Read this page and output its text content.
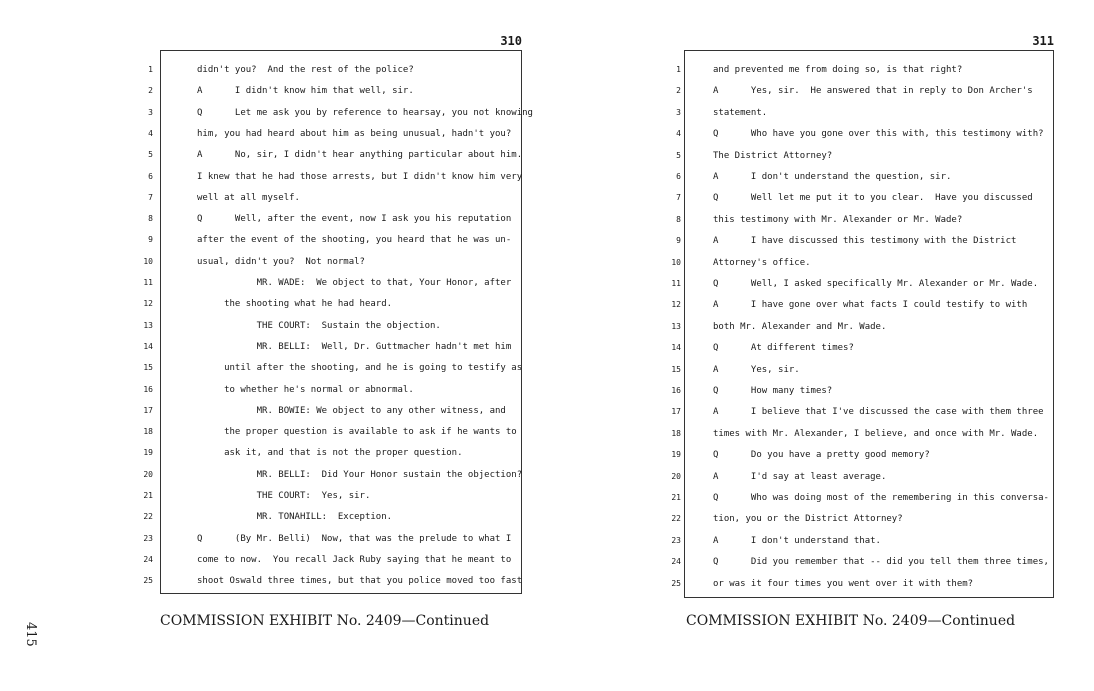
415
310
1	didn't you?  And the rest of the police?
2	A      I didn't know him that well, sir.
3	Q      Let me ask you by reference to hearsay, you not knowing
4	him, you had heard about him as being unusual, hadn't you?
5	A      No, sir, I didn't hear anything particular about him.
6	I knew that he had those arrests, but I didn't know him very
7	well at all myself.
8	Q      Well, after the event, now I ask you his reputation
9	after the event of the shooting, you heard that he was un-
10	usual, didn't you?  Not normal?
11	MR. WADE:  We object to that, Your Honor, after
12	the shooting what he had heard.
13	THE COURT:  Sustain the objection.
14	MR. BELLI:  Well, Dr. Guttmacher hadn't met him
15	until after the shooting, and he is going to testify as
16	to whether he's normal or abnormal.
17	MR. BOWIE: We object to any other witness, and
18	the proper question is available to ask if he wants to
19	ask it, and that is not the proper question.
20	MR. BELLI:  Did Your Honor sustain the objection?
21	THE COURT:  Yes, sir.
22	MR. TONAHILL:  Exception.
23	Q      (By Mr. Belli)  Now, that was the prelude to what I
24	come to now.  You recall Jack Ruby saying that he meant to
25	shoot Oswald three times, but that you police moved too fast
COMMISSION EXHIBIT No. 2409—Continued
311
1	and prevented me from doing so, is that right?
2	A      Yes, sir.  He answered that in reply to Don Archer's
3	statement.
4	Q      Who have you gone over this with, this testimony with?
5	The District Attorney?
6	A      I don't understand the question, sir.
7	Q      Well let me put it to you clear.  Have you discussed
8	this testimony with Mr. Alexander or Mr. Wade?
9	A      I have discussed this testimony with the District
10	Attorney's office.
11	Q      Well, I asked specifically Mr. Alexander or Mr. Wade.
12	A      I have gone over what facts I could testify to with
13	both Mr. Alexander and Mr. Wade.
14	Q      At different times?
15	A      Yes, sir.
16	Q      How many times?
17	A      I believe that I've discussed the case with them three
18	times with Mr. Alexander, I believe, and once with Mr. Wade.
19	Q      Do you have a pretty good memory?
20	A      I'd say at least average.
21	Q      Who was doing most of the remembering in this conversa-
22	tion, you or the District Attorney?
23	A      I don't understand that.
24	Q      Did you remember that -- did you tell them three times,
25	or was it four times you went over it with them?
COMMISSION EXHIBIT No. 2409—Continued
